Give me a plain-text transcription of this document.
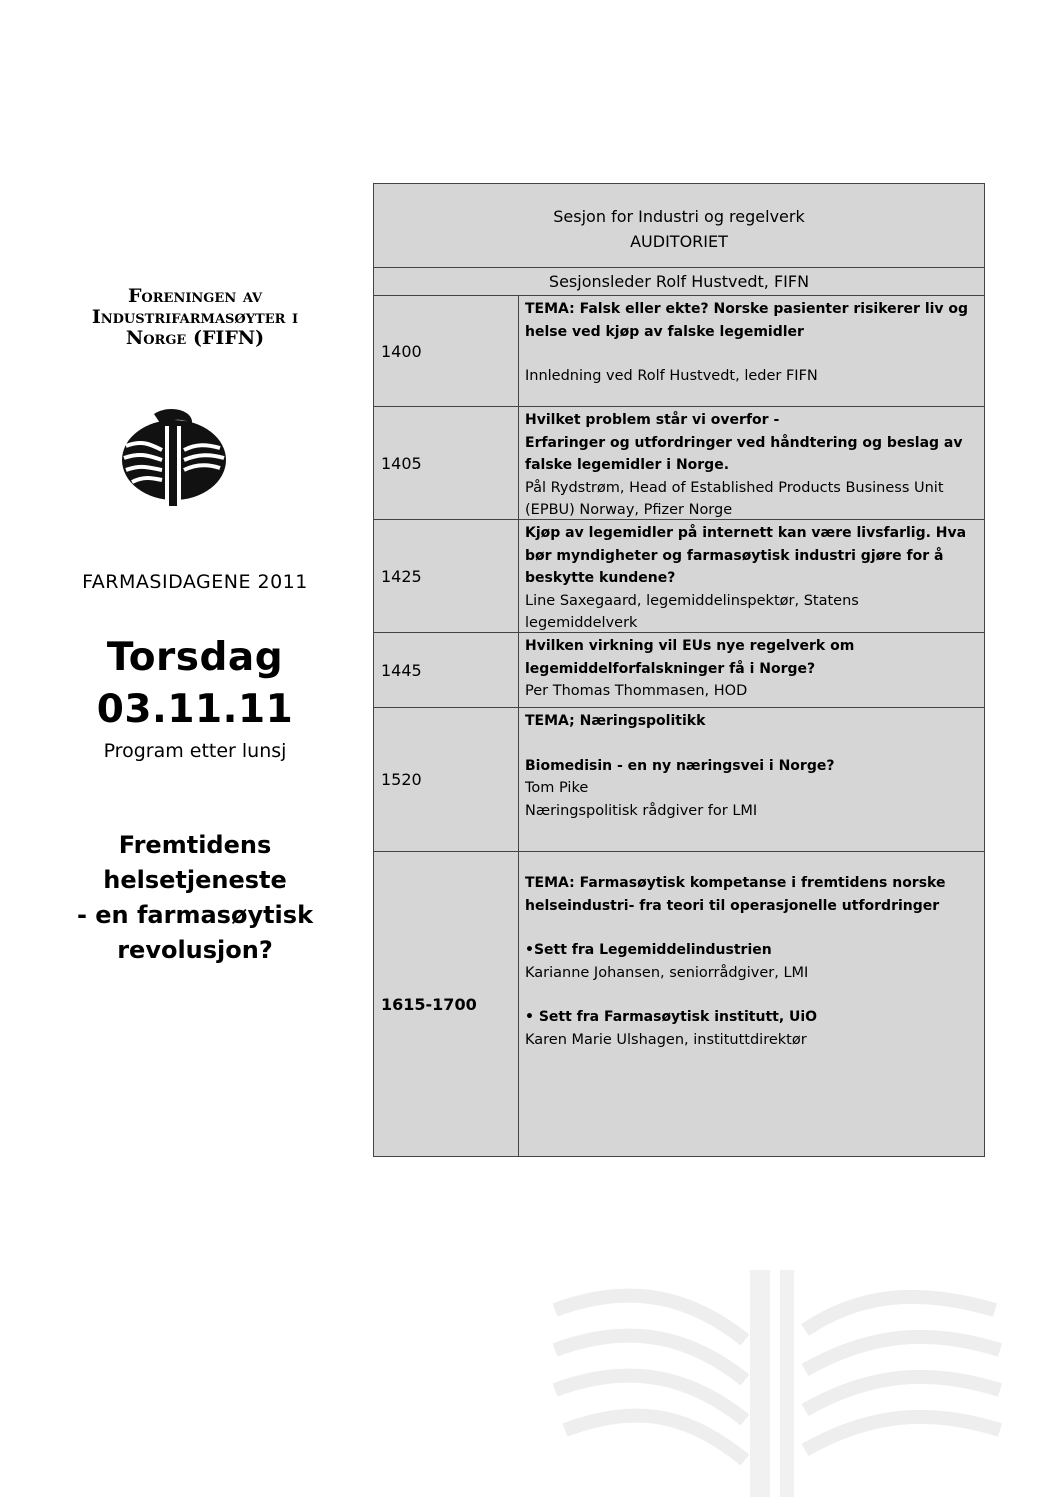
Foreningen av
Industrifarmasøyter i
Norge (FIFN)
FARMASIDAGENE 2011
Torsdag
03.11.11
Program etter lunsj
Fremtidens
helsetjeneste
- en farmasøytisk
revolusjon?
Sesjon for Industri og regelverk
AUDITORIET
Sesjonsleder Rolf Hustvedt, FIFN
1400
TEMA: Falsk eller ekte? Norske pasienter risikerer liv og
helse ved kjøp av falske legemidler
Innledning ved Rolf Hustvedt, leder FIFN
1405
Hvilket problem står vi overfor -
Erfaringer og utfordringer ved håndtering og beslag av
falske legemidler i Norge.
Pål Rydstrøm, Head of Established Products Business Unit
(EPBU) Norway, Pfizer Norge
1425
Kjøp av legemidler på internett kan være livsfarlig. Hva
bør myndigheter og farmasøytisk industri gjøre for å
beskytte kundene?
Line Saxegaard, legemiddelinspektør, Statens
legemiddelverk
1445
Hvilken virkning vil EUs nye regelverk om
legemiddelforfalskninger få i Norge?
Per Thomas Thommasen, HOD
1520
TEMA; Næringspolitikk
Biomedisin - en ny næringsvei i Norge?
Tom Pike
Næringspolitisk rådgiver for LMI
1615-1700
TEMA: Farmasøytisk kompetanse i fremtidens norske
helseindustri- fra teori til operasjonelle utfordringer
•Sett fra Legemiddelindustrien
Karianne Johansen, seniorrådgiver, LMI
• Sett fra Farmasøytisk institutt, UiO
Karen Marie Ulshagen, instituttdirektør
